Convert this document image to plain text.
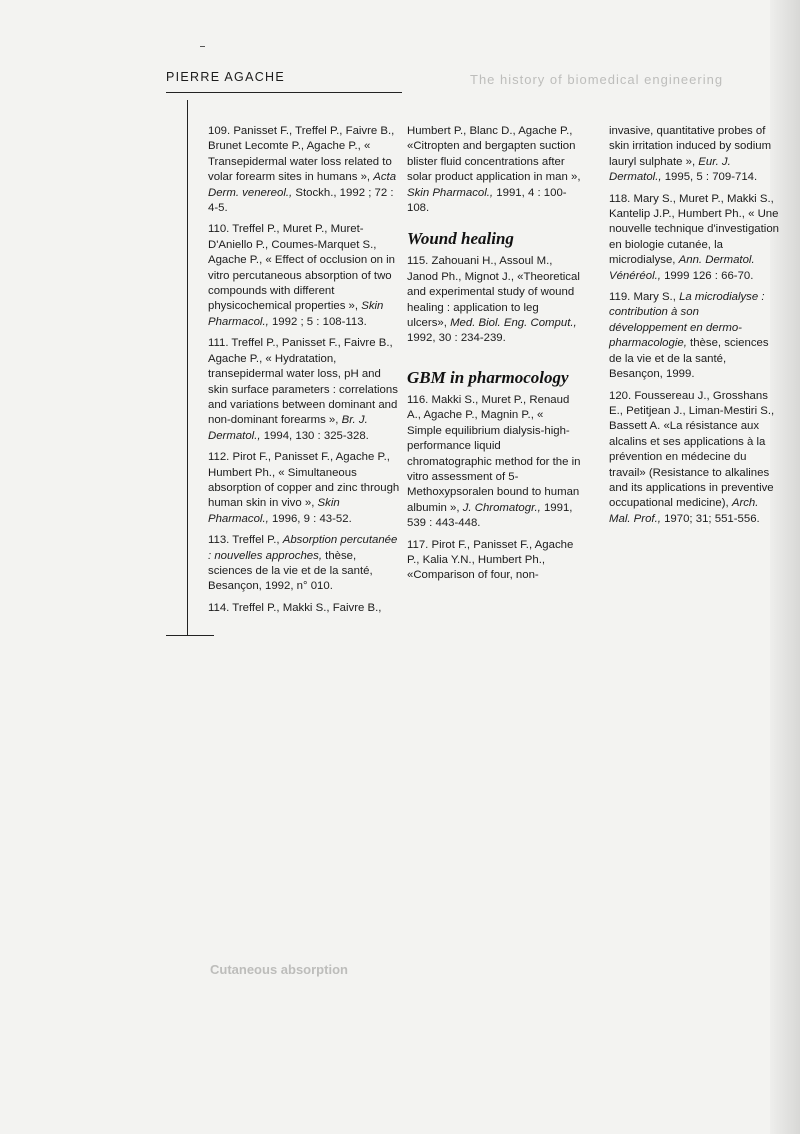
The history of biomedical engineering
Cutaneous absorption
PIERRE AGACHE

109. Panisset F., Treffel P., Faivre B., Brunet Lecomte P., Agache P., « Transepidermal water loss related to volar forearm sites in humans », Acta Derm. venereol., Stockh., 1992 ; 72 : 4-5.

110. Treffel P., Muret P., Muret-D'Aniello P., Coumes-Marquet S., Agache P., « Effect of occlusion on in vitro percutaneous absorption of two compounds with different physicochemical properties », Skin Pharmacol., 1992 ; 5 : 108-113.

111. Treffel P., Panisset F., Faivre B., Agache P., « Hydratation, transepidermal water loss, pH and skin surface parameters : correlations and variations between dominant and non-dominant forearms », Br. J. Dermatol., 1994, 130 : 325-328.

112. Pirot F., Panisset F., Agache P., Humbert Ph., « Simultaneous absorption of copper and zinc through human skin in vivo », Skin Pharmacol., 1996, 9 : 43-52.

113. Treffel P., Absorption percutanée : nouvelles approches, thèse, sciences de la vie et de la santé, Besançon, 1992, n° 010.

114. Treffel P., Makki S., Faivre B.,

Humbert P., Blanc D., Agache P., «Citropten and bergapten suction blister fluid concentrations after solar product application in man », Skin Pharmacol., 1991, 4 : 100-108.

Wound healing

115. Zahouani H., Assoul M., Janod Ph., Mignot J., «Theoretical and experimental study of wound healing : application to leg ulcers», Med. Biol. Eng. Comput., 1992, 30 : 234-239.

GBM in pharmocology

116. Makki S., Muret P., Renaud A., Agache P., Magnin P., « Simple equilibrium dialysis-high-performance liquid chromatographic method for the in vitro assessment of 5-Methoxypsoralen bound to human albumin », J. Chromatogr., 1991, 539 : 443-448.

117. Pirot F., Panisset F., Agache P., Kalia Y.N., Humbert Ph., «Comparison of four, non-

invasive, quantitative probes of skin irritation induced by sodium lauryl sulphate », Eur. J. Dermatol., 1995, 5 : 709-714.

118. Mary S., Muret P., Makki S., Kantelip J.P., Humbert Ph., « Une nouvelle technique d'investigation en biologie cutanée, la microdialyse, Ann. Dermatol. Vénéréol., 1999 126 : 66-70.

119. Mary S., La microdialyse : contribution à son développement en dermo-pharmacologie, thèse, sciences de la vie et de la santé, Besançon, 1999.

120. Foussereau J., Grosshans E., Petitjean J., Liman-Mestiri S., Bassett A. «La résistance aux alcalins et ses applications à la prévention en médecine du travail» (Resistance to alkalines and its applications in preventive occupational medicine), Arch. Mal. Prof., 1970; 31; 551-556.
